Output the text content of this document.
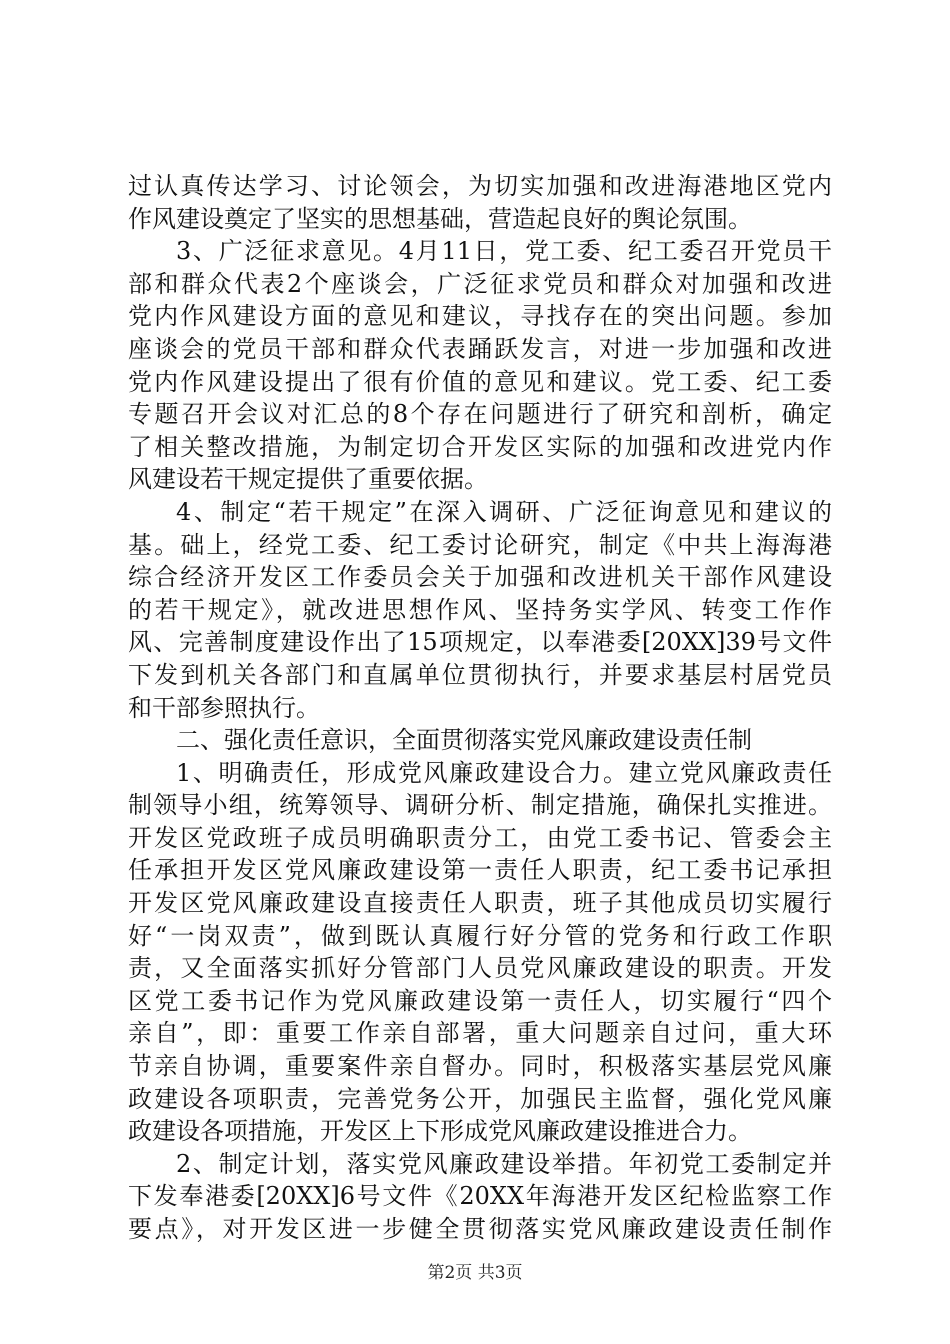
过认真传达学习、讨论领会，为切实加强和改进海港地区党内
作风建设奠定了坚实的思想基础，营造起良好的舆论氛围。
3、广泛征求意见。4月11日，党工委、纪工委召开党员干
部和群众代表2个座谈会，广泛征求党员和群众对加强和改进
党内作风建设方面的意见和建议，寻找存在的突出问题。参加
座谈会的党员干部和群众代表踊跃发言，对进一步加强和改进
党内作风建设提出了很有价值的意见和建议。党工委、纪工委
专题召开会议对汇总的8个存在问题进行了研究和剖析，确定
了相关整改措施，为制定切合开发区实际的加强和改进党内作
风建设若干规定提供了重要依据。
4、制定“若干规定”在深入调研、广泛征询意见和建议的
基。础上，经党工委、纪工委讨论研究，制定《中共上海海港
综合经济开发区工作委员会关于加强和改进机关干部作风建设
的若干规定》，就改进思想作风、坚持务实学风、转变工作作
风、完善制度建设作出了15项规定，以奉港委[20XX]39号文件
下发到机关各部门和直属单位贯彻执行，并要求基层村居党员
和干部参照执行。
二、强化责任意识，全面贯彻落实党风廉政建设责任制
1、明确责任，形成党风廉政建设合力。建立党风廉政责任
制领导小组，统筹领导、调研分析、制定措施，确保扎实推进。
开发区党政班子成员明确职责分工，由党工委书记、管委会主
任承担开发区党风廉政建设第一责任人职责，纪工委书记承担
开发区党风廉政建设直接责任人职责，班子其他成员切实履行
好“一岗双责”，做到既认真履行好分管的党务和行政工作职
责，又全面落实抓好分管部门人员党风廉政建设的职责。开发
区党工委书记作为党风廉政建设第一责任人，切实履行“四个
亲自”，即：重要工作亲自部署，重大问题亲自过问，重大环
节亲自协调，重要案件亲自督办。同时，积极落实基层党风廉
政建设各项职责，完善党务公开，加强民主监督，强化党风廉
政建设各项措施，开发区上下形成党风廉政建设推进合力。
2、制定计划，落实党风廉政建设举措。年初党工委制定并
下发奉港委[20XX]6号文件《20XX年海港开发区纪检监察工作
要点》，对开发区进一步健全贯彻落实党风廉政建设责任制作
第2页 共3页
